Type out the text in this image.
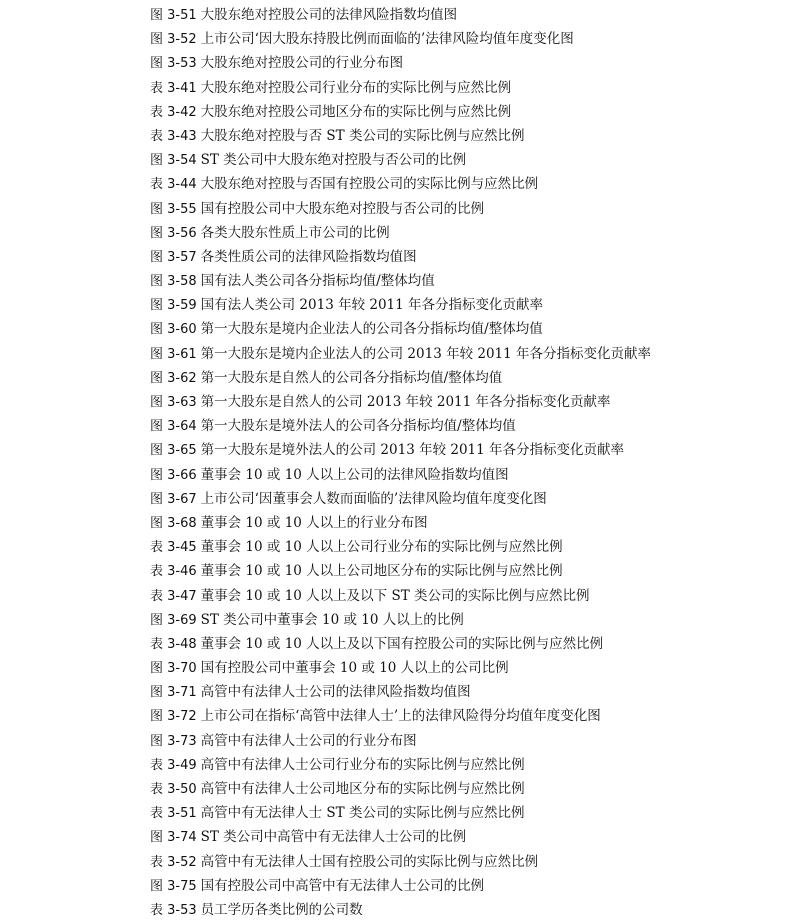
图 3-51 大股东绝对控股公司的法律风险指数均值图
图 3-52 上市公司‘因大股东持股比例而面临的’法律风险均值年度变化图
图 3-53 大股东绝对控股公司的行业分布图
表 3-41 大股东绝对控股公司行业分布的实际比例与应然比例
表 3-42 大股东绝对控股公司地区分布的实际比例与应然比例
表 3-43 大股东绝对控股与否 ST 类公司的实际比例与应然比例
图 3-54 ST 类公司中大股东绝对控股与否公司的比例
表 3-44 大股东绝对控股与否国有控股公司的实际比例与应然比例
图 3-55 国有控股公司中大股东绝对控股与否公司的比例
图 3-56 各类大股东性质上市公司的比例
图 3-57 各类性质公司的法律风险指数均值图
图 3-58 国有法人类公司各分指标均值/整体均值
图 3-59 国有法人类公司 2013 年较 2011 年各分指标变化贡献率
图 3-60 第一大股东是境内企业法人的公司各分指标均值/整体均值
图 3-61 第一大股东是境内企业法人的公司 2013 年较 2011 年各分指标变化贡献率
图 3-62 第一大股东是自然人的公司各分指标均值/整体均值
图 3-63 第一大股东是自然人的公司 2013 年较 2011 年各分指标变化贡献率
图 3-64 第一大股东是境外法人的公司各分指标均值/整体均值
图 3-65 第一大股东是境外法人的公司 2013 年较 2011 年各分指标变化贡献率
图 3-66 董事会 10 或 10 人以上公司的法律风险指数均值图
图 3-67 上市公司‘因董事会人数而面临的’法律风险均值年度变化图
图 3-68 董事会 10 或 10 人以上的行业分布图
表 3-45 董事会 10 或 10 人以上公司行业分布的实际比例与应然比例
表 3-46 董事会 10 或 10 人以上公司地区分布的实际比例与应然比例
表 3-47 董事会 10 或 10 人以上及以下 ST 类公司的实际比例与应然比例
图 3-69 ST 类公司中董事会 10 或 10 人以上的比例
表 3-48 董事会 10 或 10 人以上及以下国有控股公司的实际比例与应然比例
图 3-70 国有控股公司中董事会 10 或 10 人以上的公司比例
图 3-71 高管中有法律人士公司的法律风险指数均值图
图 3-72 上市公司在指标‘高管中法律人士’上的法律风险得分均值年度变化图
图 3-73 高管中有法律人士公司的行业分布图
表 3-49 高管中有法律人士公司行业分布的实际比例与应然比例
表 3-50 高管中有法律人士公司地区分布的实际比例与应然比例
表 3-51 高管中有无法律人士 ST 类公司的实际比例与应然比例
图 3-74 ST 类公司中高管中有无法律人士公司的比例
表 3-52 高管中有无法律人士国有控股公司的实际比例与应然比例
图 3-75 国有控股公司中高管中有无法律人士公司的比例
表 3-53 员工学历各类比例的公司数
